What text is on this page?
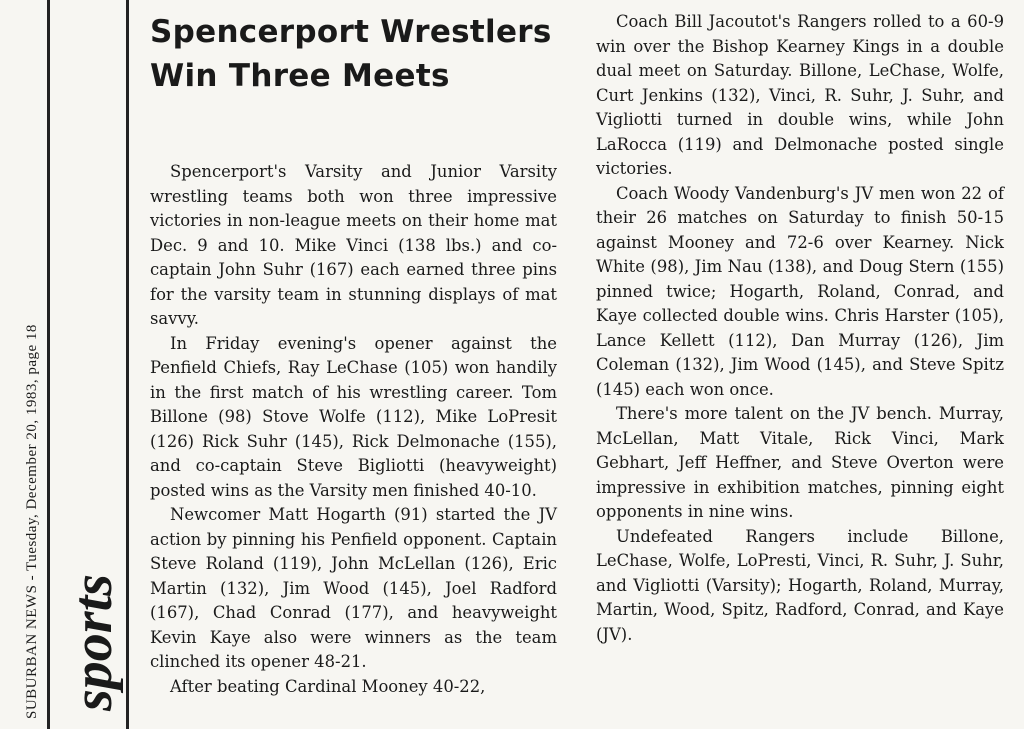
SUBURBAN NEWS - Tuesday, December 20, 1983, page 18 sports
Spencerport Wrestlers Win Three Meets

Spencerport's Varsity and Junior Varsity wrestling teams both won three impressive victories in non-league meets on their home mat Dec. 9 and 10. Mike Vinci (138 lbs.) and co-captain John Suhr (167) each earned three pins for the varsity team in stunning displays of mat savvy.

In Friday evening's opener against the Penfield Chiefs, Ray LeChase (105) won handily in the first match of his wrestling career. Tom Billone (98) Stove Wolfe (112), Mike LoPresit (126) Rick Suhr (145), Rick Delmonache (155), and co-captain Steve Bigliotti (heavyweight) posted wins as the Varsity men finished 40-10.

Newcomer Matt Hogarth (91) started the JV action by pinning his Penfield opponent. Captain Steve Roland (119), John McLellan (126), Eric Martin (132), Jim Wood (145), Joel Radford (167), Chad Conrad (177), and heavyweight Kevin Kaye also were winners as the team clinched its opener 48-21.

After beating Cardinal Mooney 40-22,

Coach Bill Jacoutot's Rangers rolled to a 60-9 win over the Bishop Kearney Kings in a double dual meet on Saturday. Billone, LeChase, Wolfe, Curt Jenkins (132), Vinci, R. Suhr, J. Suhr, and Vigliotti turned in double wins, while John LaRocca (119) and Delmonache posted single victories.

Coach Woody Vandenburg's JV men won 22 of their 26 matches on Saturday to finish 50-15 against Mooney and 72-6 over Kearney. Nick White (98), Jim Nau (138), and Doug Stern (155) pinned twice; Hogarth, Roland, Conrad, and Kaye collected double wins. Chris Harster (105), Lance Kellett (112), Dan Murray (126), Jim Coleman (132), Jim Wood (145), and Steve Spitz (145) each won once.

There's more talent on the JV bench. Murray, McLellan, Matt Vitale, Rick Vinci, Mark Gebhart, Jeff Heffner, and Steve Overton were impressive in exhibition matches, pinning eight opponents in nine wins.

Undefeated Rangers include Billone, LeChase, Wolfe, LoPresti, Vinci, R. Suhr, J. Suhr, and Vigliotti (Varsity); Hogarth, Roland, Murray, Martin, Wood, Spitz, Radford, Conrad, and Kaye (JV).
